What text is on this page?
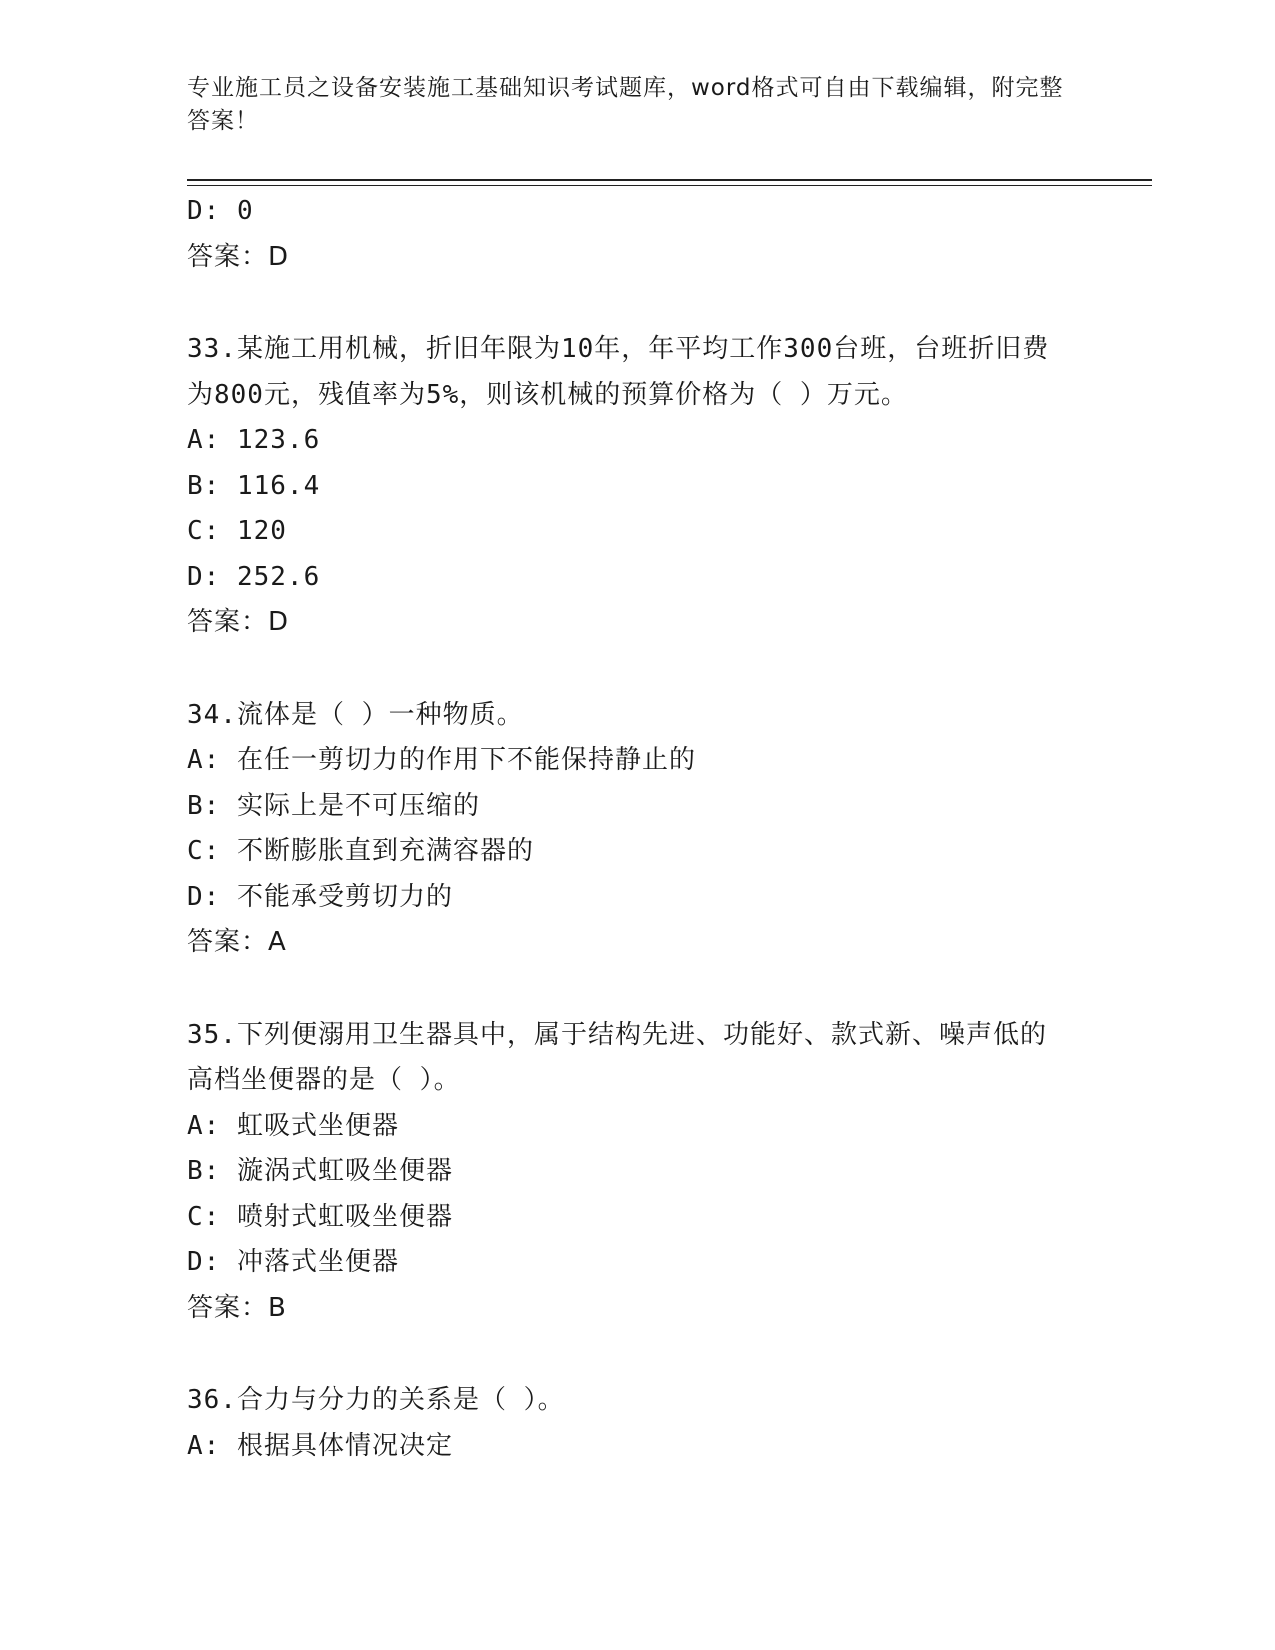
专业施工员之设备安装施工基础知识考试题库，word格式可自由下载编辑，附完整答案！
D: 0
答案：D
33.某施工用机械，折旧年限为10年，年平均工作300台班，台班折旧费为800元，残值率为5%，则该机械的预算价格为（ ）万元。
A: 123.6
B: 116.4
C: 120
D: 252.6
答案：D
34.流体是（ ）一种物质。
A: 在任一剪切力的作用下不能保持静止的
B: 实际上是不可压缩的
C: 不断膨胀直到充满容器的
D: 不能承受剪切力的
答案：A
35.下列便溺用卫生器具中，属于结构先进、功能好、款式新、噪声低的高档坐便器的是（ ）。
A: 虹吸式坐便器
B: 漩涡式虹吸坐便器
C: 喷射式虹吸坐便器
D: 冲落式坐便器
答案：B
36.合力与分力的关系是（ ）。
A: 根据具体情况决定
